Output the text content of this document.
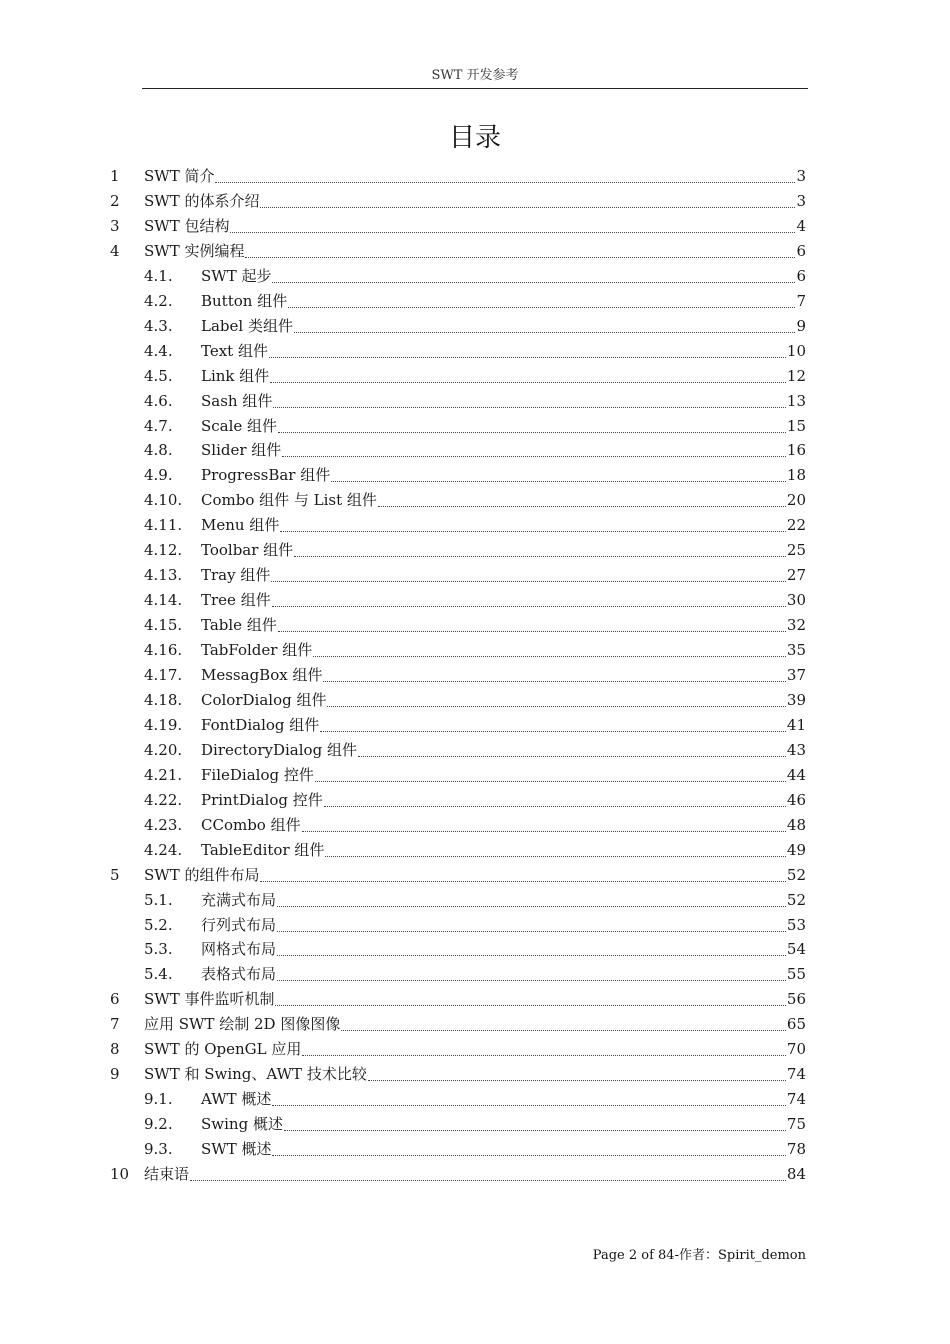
SWT 开发参考
目录
1 SWT 简介	3
2 SWT 的体系介绍	3
3 SWT 包结构	4
4 SWT 实例编程	6
4.1. SWT 起步	6
4.2. Button 组件	7
4.3. Label 类组件	9
4.4. Text 组件	10
4.5. Link 组件	12
4.6. Sash 组件	13
4.7. Scale 组件	15
4.8. Slider 组件	16
4.9. ProgressBar 组件	18
4.10. Combo 组件 与 List 组件	20
4.11. Menu 组件	22
4.12. Toolbar 组件	25
4.13. Tray 组件	27
4.14. Tree 组件	30
4.15. Table 组件	32
4.16. TabFolder 组件	35
4.17. MessagBox 组件	37
4.18. ColorDialog 组件	39
4.19. FontDialog 组件	41
4.20. DirectoryDialog 组件	43
4.21. FileDialog 控件	44
4.22. PrintDialog 控件	46
4.23. CCombo 组件	48
4.24. TableEditor 组件	49
5 SWT 的组件布局	52
5.1. 充满式布局	52
5.2. 行列式布局	53
5.3. 网格式布局	54
5.4. 表格式布局	55
6 SWT 事件监听机制	56
7 应用 SWT 绘制 2D 图像图像	65
8 SWT 的 OpenGL 应用	70
9 SWT 和 Swing、AWT 技术比较	74
9.1. AWT 概述	74
9.2. Swing 概述	75
9.3. SWT 概述	78
10 结束语	84
Page 2 of 84-作者：Spirit_demon
